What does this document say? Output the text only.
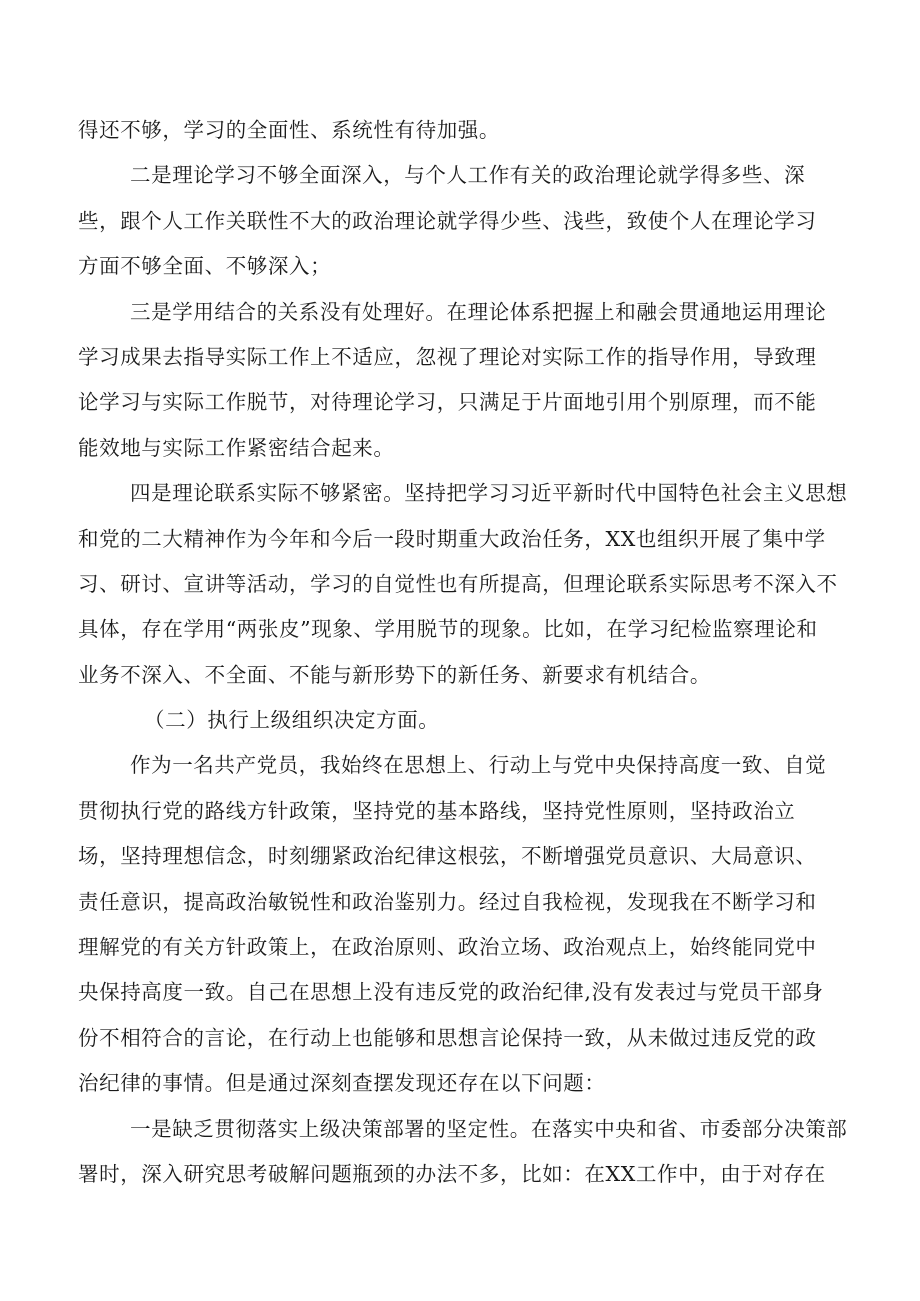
得还不够，学习的全面性、系统性有待加强。
二是理论学习不够全面深入，与个人工作有关的政治理论就学得多些、深
些，跟个人工作关联性不大的政治理论就学得少些、浅些，致使个人在理论学习
方面不够全面、不够深入；
三是学用结合的关系没有处理好。在理论体系把握上和融会贯通地运用理论
学习成果去指导实际工作上不适应，忽视了理论对实际工作的指导作用，导致理
论学习与实际工作脱节，对待理论学习，只满足于片面地引用个别原理，而不能
能效地与实际工作紧密结合起来。
四是理论联系实际不够紧密。坚持把学习习近平新时代中国特色社会主义思想
和党的二大精神作为今年和今后一段时期重大政治任务，XX也组织开展了集中学
习、研讨、宣讲等活动，学习的自觉性也有所提高，但理论联系实际思考不深入不
具体，存在学用“两张皮”现象、学用脱节的现象。比如，在学习纪检监察理论和
业务不深入、不全面、不能与新形势下的新任务、新要求有机结合。
（二）执行上级组织决定方面。
作为一名共产党员，我始终在思想上、行动上与党中央保持高度一致、自觉
贯彻执行党的路线方针政策，坚持党的基本路线，坚持党性原则，坚持政治立
场，坚持理想信念，时刻绷紧政治纪律这根弦，不断增强党员意识、大局意识、
责任意识，提高政治敏锐性和政治鉴别力。经过自我检视，发现我在不断学习和
理解党的有关方针政策上，在政治原则、政治立场、政治观点上，始终能同党中
央保持高度一致。自己在思想上没有违反党的政治纪律,没有发表过与党员干部身
份不相符合的言论，在行动上也能够和思想言论保持一致，从未做过违反党的政
治纪律的事情。但是通过深刻查摆发现还存在以下问题：
一是缺乏贯彻落实上级决策部署的坚定性。在落实中央和省、市委部分决策部
署时，深入研究思考破解问题瓶颈的办法不多，比如：在XX工作中，由于对存在
